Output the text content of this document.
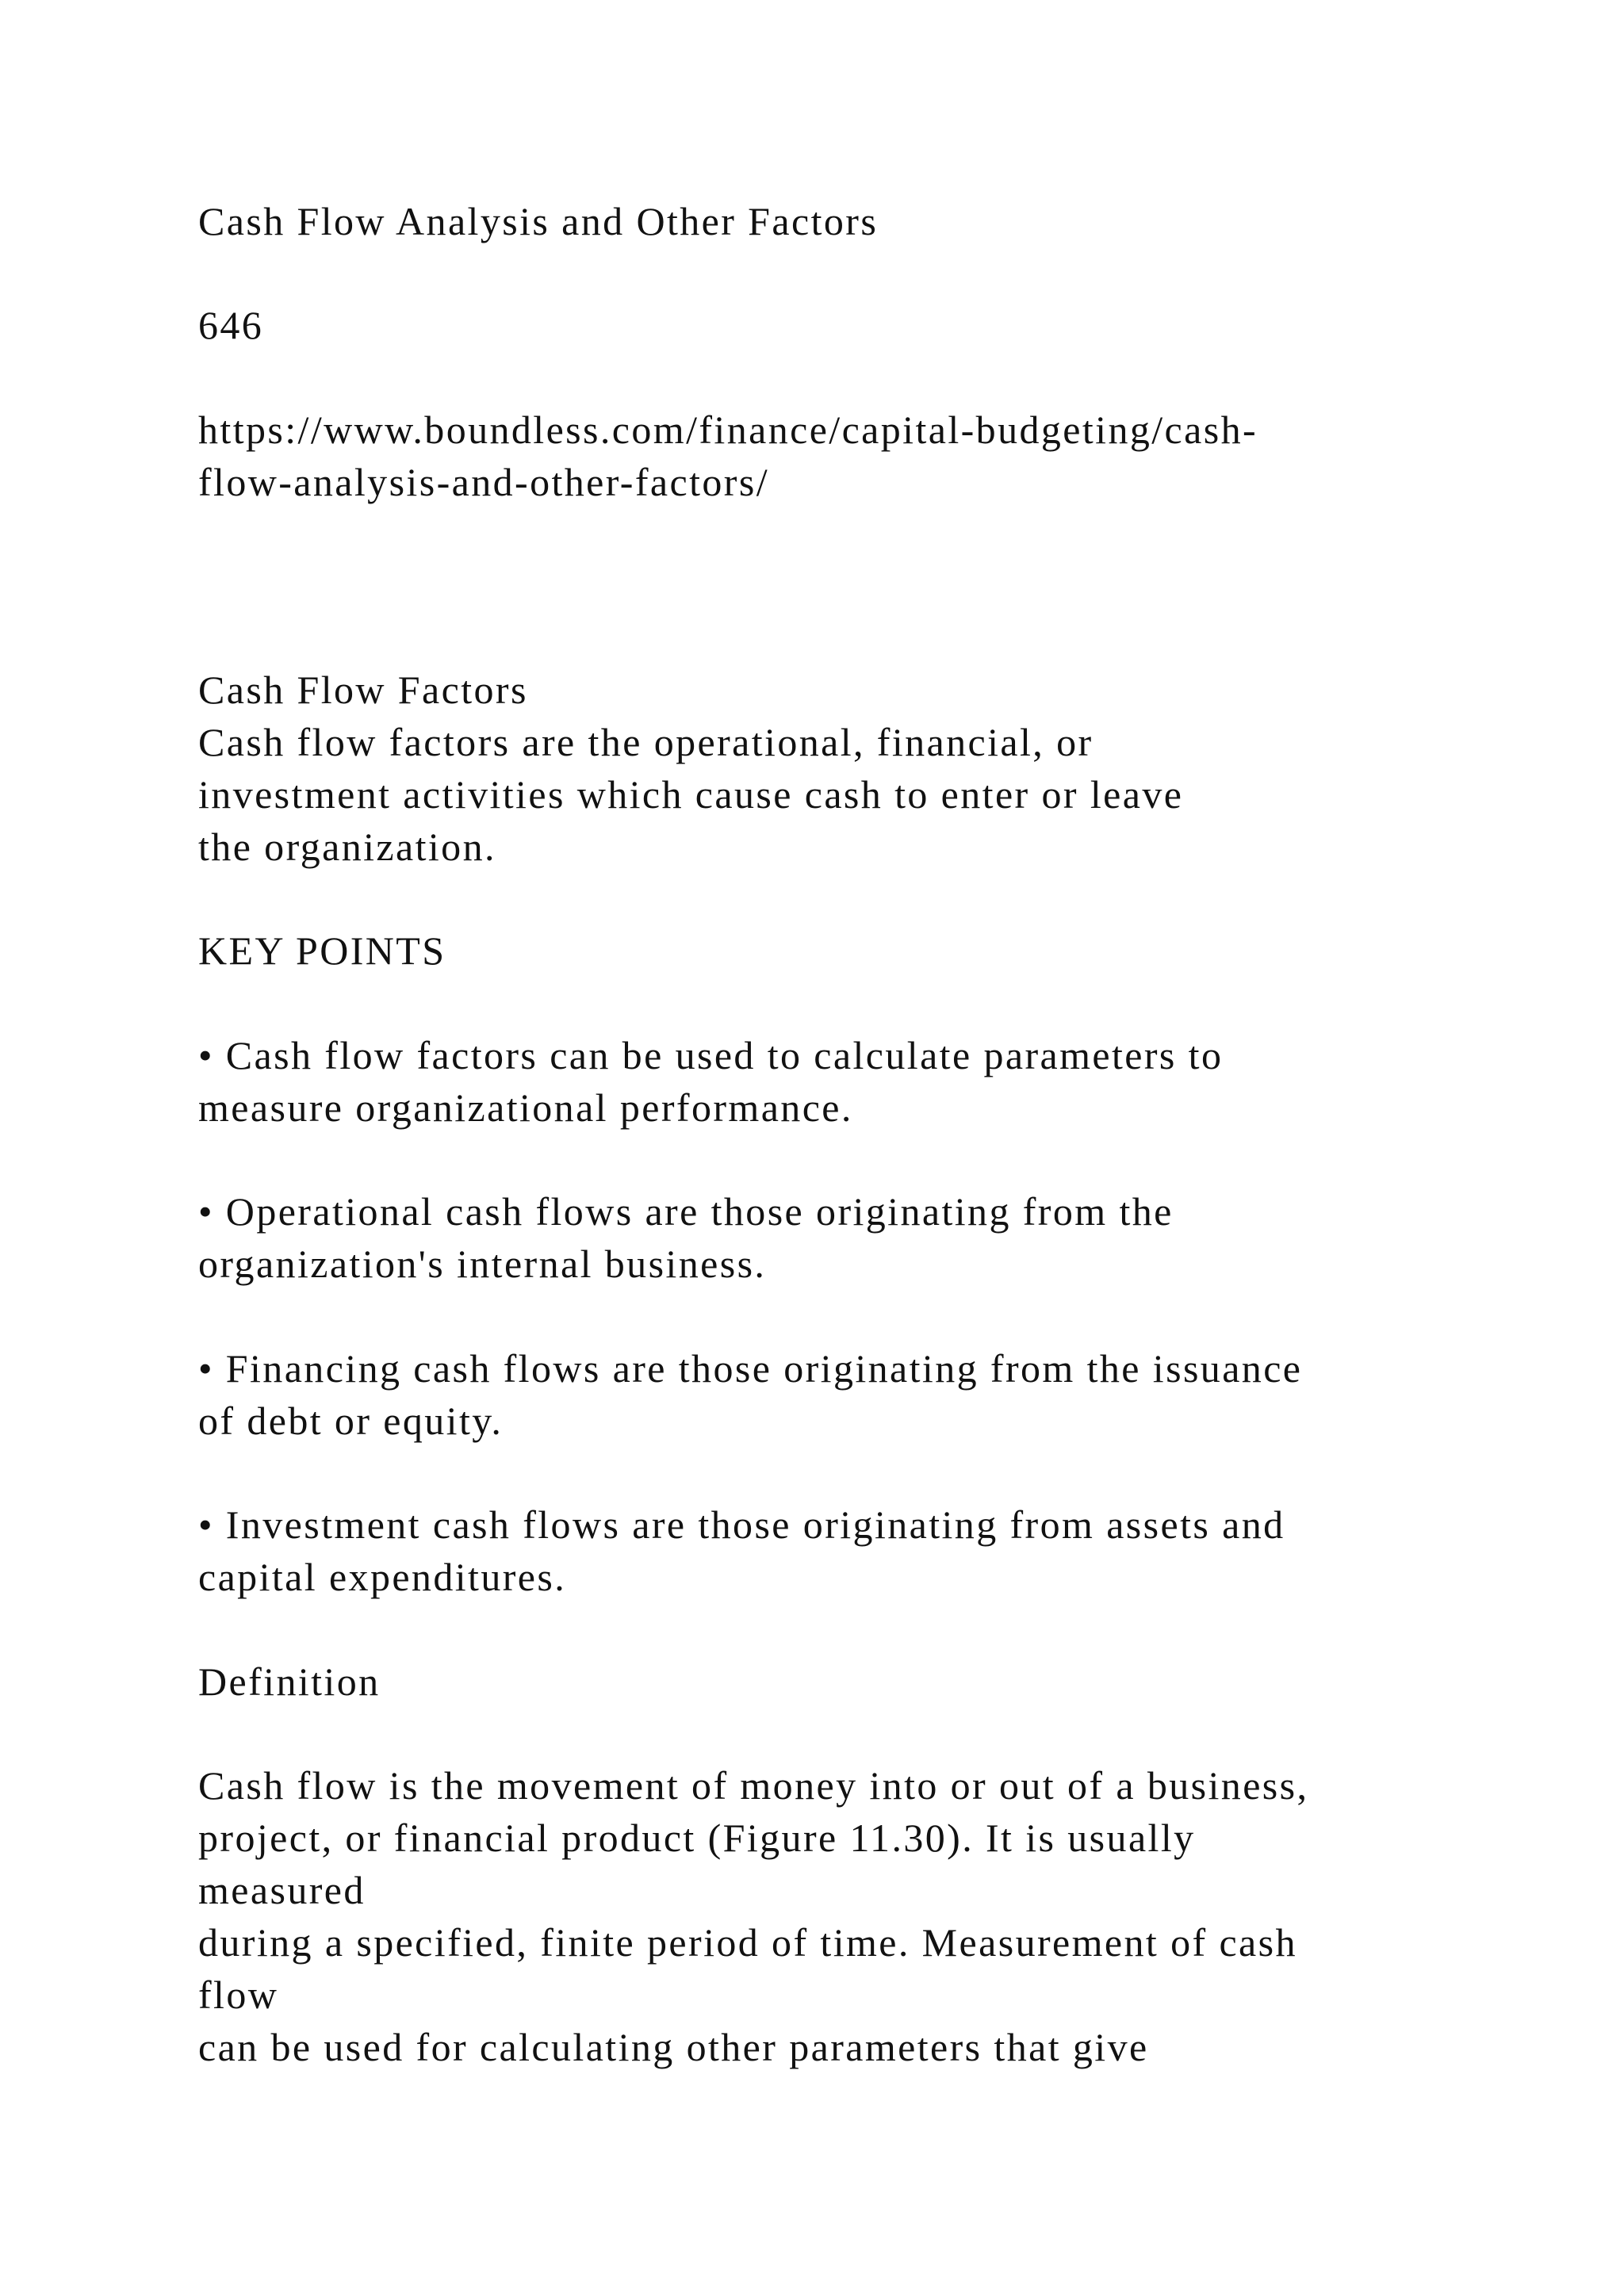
Cash Flow Analysis and Other Factors

646

https://www.boundless.com/finance/capital-budgeting/cash-

flow-analysis-and-other-factors/

Cash Flow Factors

Cash flow factors are the operational, financial, or

investment activities which cause cash to enter or leave

the organization.

KEY POINTS

• Cash flow factors can be used to calculate parameters to

measure organizational performance.

• Operational cash flows are those originating from the

organization's internal business.

• Financing cash flows are those originating from the issuance

of debt or equity.

• Investment cash flows are those originating from assets and

capital expenditures.

Definition

Cash flow is the movement of money into or out of a business,

project, or financial product (Figure 11.30). It is usually

measured

during a specified, finite period of time. Measurement of cash

flow

can be used for calculating other parameters that give
